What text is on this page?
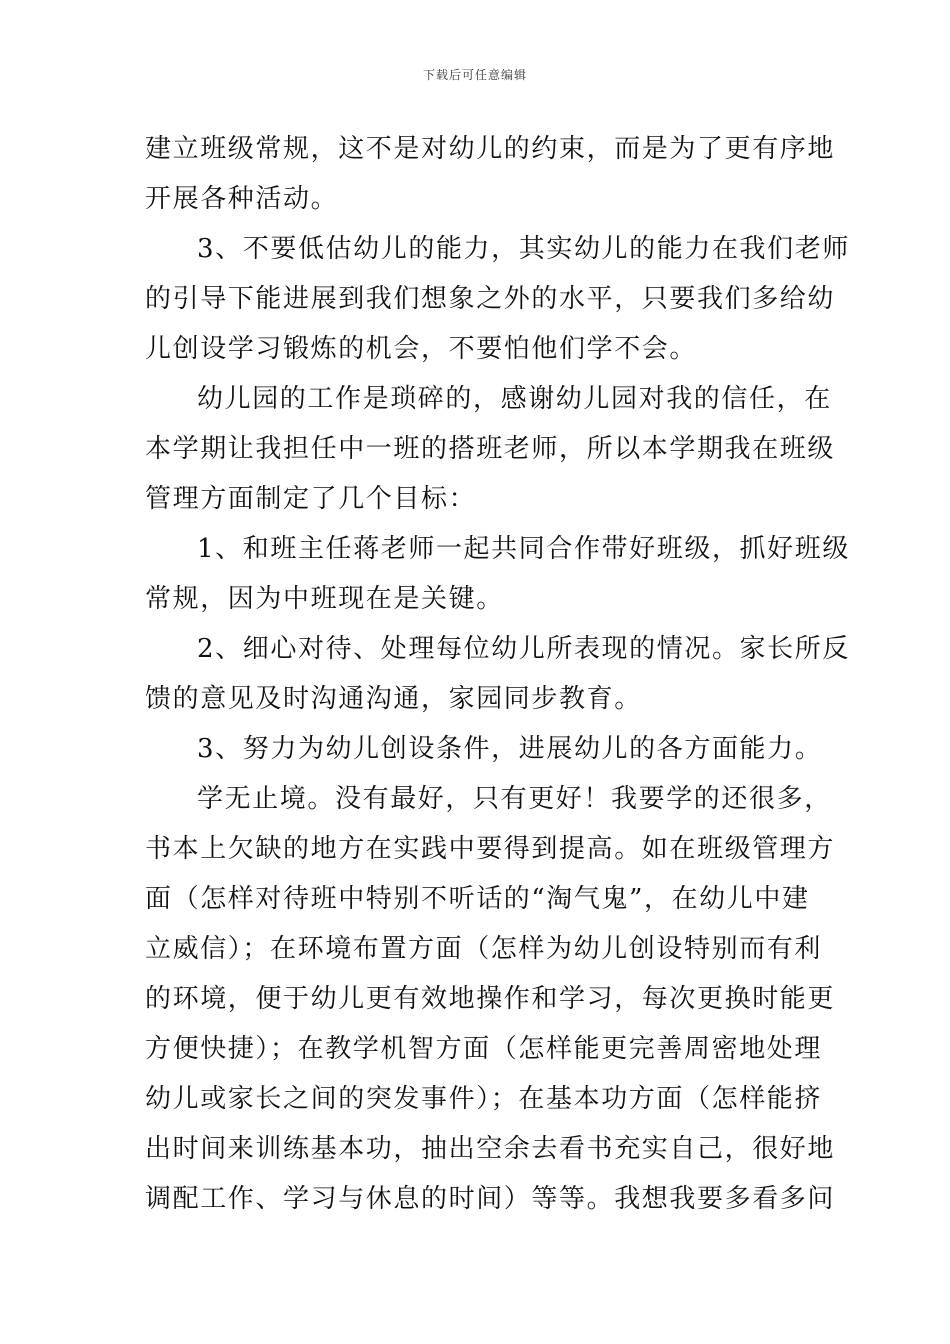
下载后可任意编辑
建立班级常规，这不是对幼儿的约束，而是为了更有序地
开展各种活动。
3、不要低估幼儿的能力，其实幼儿的能力在我们老师
的引导下能进展到我们想象之外的水平，只要我们多给幼
儿创设学习锻炼的机会，不要怕他们学不会。
幼儿园的工作是琐碎的，感谢幼儿园对我的信任，在
本学期让我担任中一班的搭班老师，所以本学期我在班级
管理方面制定了几个目标：
1、和班主任蒋老师一起共同合作带好班级，抓好班级
常规，因为中班现在是关键。
2、细心对待、处理每位幼儿所表现的情况。家长所反
馈的意见及时沟通沟通，家园同步教育。
3、努力为幼儿创设条件，进展幼儿的各方面能力。
学无止境。没有最好，只有更好！我要学的还很多，
书本上欠缺的地方在实践中要得到提高。如在班级管理方
面（怎样对待班中特别不听话的“淘气鬼”，在幼儿中建
立威信）；在环境布置方面（怎样为幼儿创设特别而有利
的环境，便于幼儿更有效地操作和学习，每次更换时能更
方便快捷）；在教学机智方面（怎样能更完善周密地处理
幼儿或家长之间的突发事件）；在基本功方面（怎样能挤
出时间来训练基本功，抽出空余去看书充实自己，很好地
调配工作、学习与休息的时间）等等。我想我要多看多问
